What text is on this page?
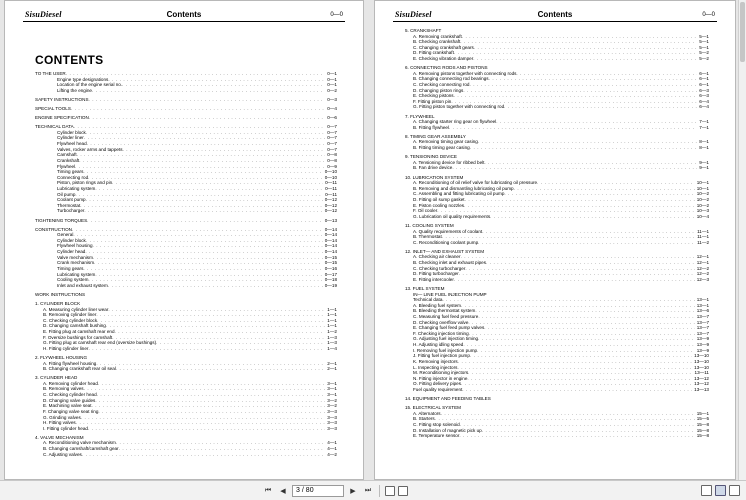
SisuDiesel	Contents	0—0
CONTENTS
TO THE USER . . .	0—1
Engine type designations . . .	0—1
Location of the engine serial no. . . .	0—1
Lifting the engine . . .	0—2
SAFETY INSTRUCTIONS . . .	0—3
SPECIAL TOOLS . . .	0—4
ENGINE SPECIFICATION . . .	0—6
TECHNICAL DATA . . .	0—7
Cylinder block . . .	0—7
Cylinder liner . . .	0—7
Flywheel head . . .	0—7
Valves, rocker arms and tappets . . .	0—7
Camshaft . . .	0—8
Crankshaft . . .	0—8
Flywheel . . .	0—9
Timing gears . . .	0—10
Connecting rod . . .	0—10
Piston, piston rings and pin . . .	0—11
Lubricating system . . .	0—11
Oil pump . . .	0—11
Coolant pump . . .	0—12
Thermostat . . .	0—12
Turbocharger . . .	0—12
TIGHTENING TORQUES . . .	0—13
CONSTRUCTION . . .	0—14
General . . .	0—14
Cylinder block . . .	0—14
Flywheel housing . . .	0—14
Cylinder head . . .	0—14
Valve mechanism . . .	0—15
Crank mechanism . . .	0—15
Timing gears . . .	0—16
Lubricating system . . .	0—17
Cooling system . . .	0—18
Inlet and exhaust system . . .	0—19
WORK INSTRUCTIONS
1. CYLINDER BLOCK
A. Measuring cylinder liner wear . . .	1—1
B. Removing cylinder liner . . .	1—1
C. Checking cylinder block . . .	1—1
D. Changing camshaft bushing . . .	1—1
E. Fitting plug at camshaft rear end . . .	1—2
F. Oversize bushings for camshaft . . .	1—3
G. Fitting plug at camshaft rear end (oversize bushings) . . .	1—3
H. Fitting cylinder liner . . .	1—4
2. FLYWHEEL HOUSING
A. Fitting flywheel housing . . .	2—1
B. Changing crankshaft rear oil seal . . .	2—1
3. CYLINDER HEAD
A. Removing cylinder head . . .	3—1
B. Removing valves . . .	3—1
C. Checking cylinder head . . .	3—1
D. Changing valve guides . . .	3—2
E. Machining valve seat . . .	3—2
F. Changing valve seat ring . . .	3—3
G. Grinding valves . . .	3—3
H. Fitting valves . . .	3—3
I. Fitting cylinder head . . .	3—3
4. VALVE MECHANISM
A. Reconditioning valve mechanism . . .	4—1
B. Changing camshaft/camshaft gear . . .	4—1
C. Adjusting valves . . .	4—2
SisuDiesel	Contents	0—0
5. CRANKSHAFT
A. Removing crankshaft . . .	5—1
B. Checking crankshaft . . .	5—1
C. Changing crankshaft gears . . .	5—1
D. Fitting crankshaft . . .	5—2
E. Checking vibration damper . . .	5—2
6. CONNECTING RODS AND PISTONS
A. Removing pistons together with connecting rods . . .	6—1
B. Changing connecting rod bearings . . .	6—1
C. Checking connecting rod . . .	6—1
D. Changing piston rings . . .	6—3
E. Checking pistons . . .	6—3
F. Fitting piston pin . . .	6—4
G. Fitting piston together with connecting rod . . .	6—4
7. FLYWHEEL
A. Changing starter ring gear on flywheel . . .	7—1
B. Fitting flywheel . . .	7—1
8. TIMING GEAR ASSEMBLY
A. Removing timing gear casing . . .	8—1
B. Fitting timing gear casing . . .	8—1
9. TENSIONING DEVICE
A. Tensioning device for ribbed belt . . .	9—1
B. Fan drive device . . .	9—1
10. LUBRICATION SYSTEM
A. Reconditioning of oil relief valve for lubricating oil pressure . . .	10—1
B. Removing and dismantling lubricating oil pump . . .	10—1
C. Assembling and fitting lubricating oil pump . . .	10—2
D. Fitting oil sump gasket . . .	10—2
E. Piston cooling nozzles . . .	10—2
F. Oil cooler . . .	10—3
G. Lubrication oil quality requirements . . .	10—4
11. COOLING SYSTEM
A. Quality requirements of coolant . . .	11—1
B. Thermostat . . .	11—1
C. Reconditioning coolant pump . . .	11—2
12. INLET— AND EXHAUST SYSTEM
A. Checking air cleaner . . .	12—1
B. Checking inlet and exhaust pipes . . .	12—1
C. Checking turbocharger . . .	12—2
D. Fitting turbocharger . . .	12—2
E. Fitting intercooler . . .	12—3
13. FUEL SYSTEM
IN— LINE FUEL INJECTION PUMP
Technical data . . .	13—1
A. Bleeding fuel system . . .	13—1
B. Bleeding thermostat system . . .	13—6
C. Measuring fuel feed pressure . . .	13—7
D. Checking overflow valve . . .	13—7
E. Changing fuel feed pump valves . . .	13—7
F. Checking injection timing . . .	13—7
G. Adjusting fuel injection timing . . .	13—9
H. Adjusting idling speed . . .	13—9
I. Removing fuel injection pump . . .	13—9
J. Fitting fuel injection pump . . .	13—10
K. Removing injectors . . .	13—10
L. Inspecting injectors . . .	13—10
M. Reconditioning injectors . . .	13—11
N. Fitting injector in engine . . .	13—12
O. Fitting delivery pipes . . .	13—12
Fuel quality requirement . . .	13—13
14. EQUIPMENT AND FEEDING TABLES
15. ELECTRICAL SYSTEM
A. Alternators . . .	15—1
B. Starters . . .	15—5
C. Fitting stop solenoid . . .	15—8
D. Installation of magnetic pick up . . .	15—8
E. Temperature sensor . . .	15—8
⏮	◀	3 / 80	▶	⏭
